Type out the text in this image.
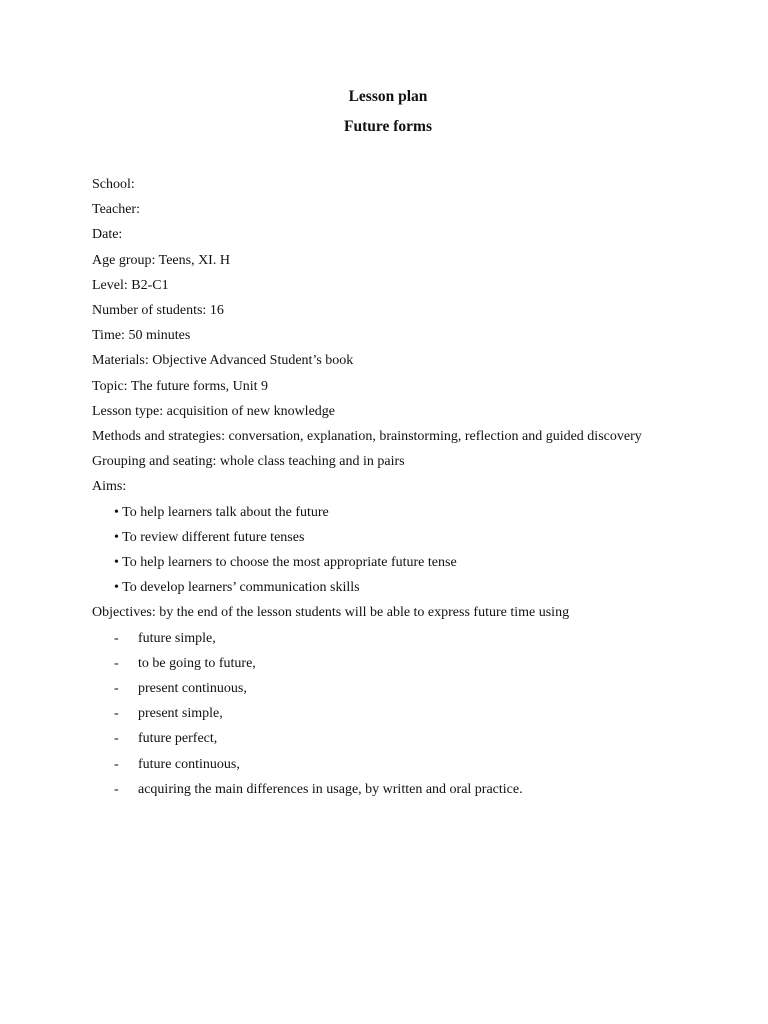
Lesson plan
Future forms
School:
Teacher:
Date:
Age group: Teens, XI. H
Level: B2-C1
Number of students: 16
Time: 50 minutes
Materials: Objective Advanced Student’s book
Topic: The future forms, Unit 9
Lesson type: acquisition of new knowledge
Methods and strategies: conversation, explanation, brainstorming, reflection and guided discovery
Grouping and seating: whole class teaching and in pairs
Aims:
• To help learners talk about the future
• To review different future tenses
• To help learners to choose the most appropriate future tense
• To develop learners’ communication skills
Objectives: by the end of the lesson students will be able to express future time using
- future simple,
- to be going to future,
- present continuous,
- present simple,
- future perfect,
- future continuous,
- acquiring the main differences in usage, by written and oral practice.
